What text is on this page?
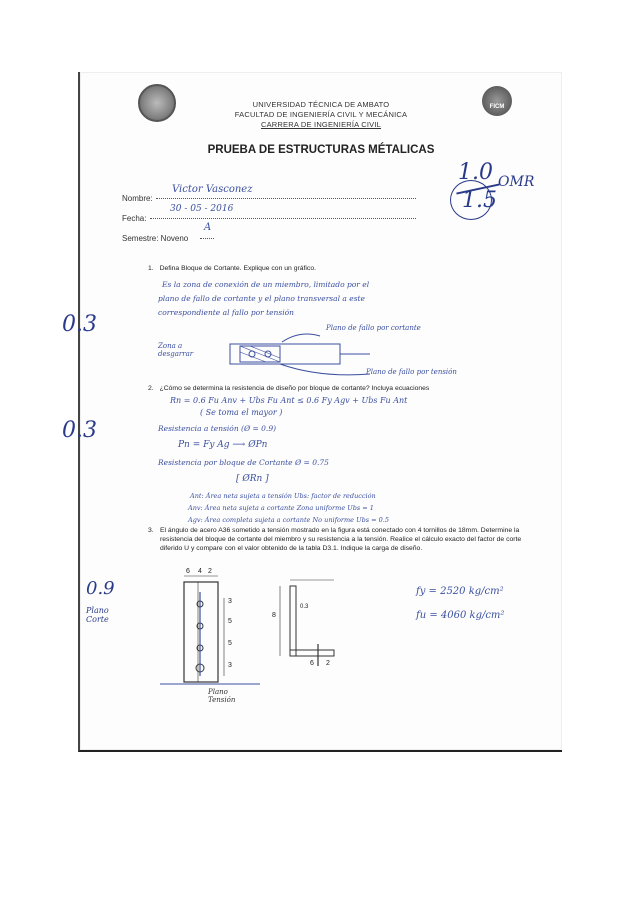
FICM
UNIVERSIDAD TÉCNICA DE AMBATO
FACULTAD DE INGENIERÍA CIVIL Y MECÁNICA
CARRERA DE INGENIERÍA CIVIL
PRUEBA DE ESTRUCTURAS MÉTALICAS
1.0
1.5
OMR
Nombre:
Victor Vasconez
Fecha:
30 - 05 - 2016
Semestre: Noveno
A
1. Defina Bloque de Cortante. Explique con un gráfico.
0.3
Es la zona de conexión de un miembro, limitado por el
plano de fallo de cortante y el plano transversal a este
correspondiente al fallo por tensión
Plano de fallo por cortante
Zona a desgarrar
Plano de fallo por tensión
2. ¿Cómo se determina la resistencia de diseño por bloque de cortante? Incluya ecuaciones
0.3
Rn = 0.6 Fu Anv + Ubs Fu Ant ≤ 0.6 Fy Agv + Ubs Fu Ant
( Se toma el mayor )
Resistencia a tensión (Ø = 0.9)
Pn = Fy Ag ⟶ ØPn
Resistencia por bloque de Cortante Ø = 0.75
[ ØRn ]
Ant: Área neta sujeta a tensión Ubs: factor de reducción
Anv: Área neta sujeta a cortante Zona uniforme Ubs = 1
Agv: Área completa sujeta a cortante No uniforme Ubs = 0.5
3. El ángulo de acero A36 sometido a tensión mostrado en la figura está conectado con 4 tornillos de 18mm. Determine la resistencia del bloque de cortante del miembro y su resistencia a la tensión. Realice el cálculo exacto del factor de corte diferido U y compare con el valor obtenido de la tabla D3.1. Indique la carga de diseño.
0.9
Plano Corte
6 4 2
3
5
5
3
8
0.3
6 2
Plano Tensión
fy = 2520 kg/cm²
fu = 4060 kg/cm²
